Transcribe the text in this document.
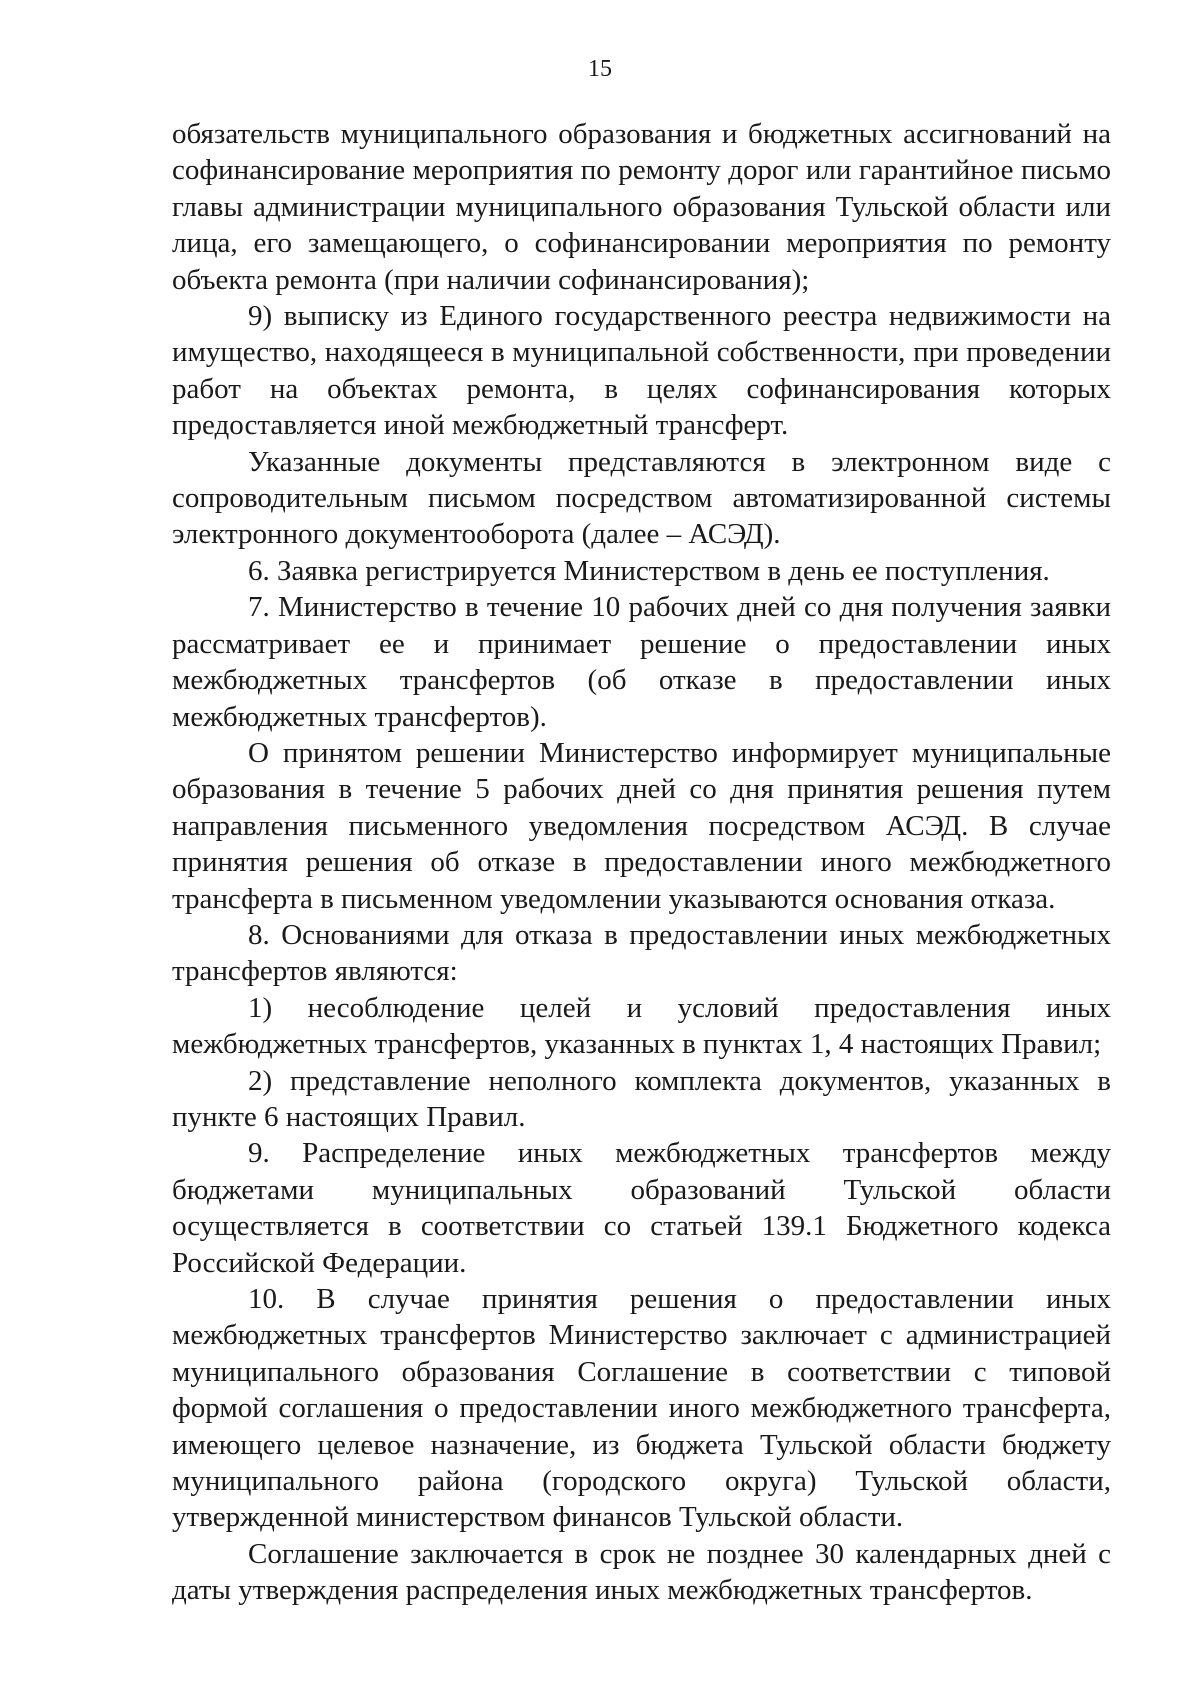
15

обязательств муниципального образования и бюджетных ассигнований на софинансирование мероприятия по ремонту дорог или гарантийное письмо главы администрации муниципального образования Тульской области или лица, его замещающего, о софинансировании мероприятия по ремонту объекта ремонта (при наличии софинансирования);

9) выписку из Единого государственного реестра недвижимости на имущество, находящееся в муниципальной собственности, при проведении работ на объектах ремонта, в целях софинансирования которых предоставляется иной межбюджетный трансферт.

Указанные документы представляются в электронном виде с сопроводительным письмом посредством автоматизированной системы электронного документооборота (далее – АСЭД).

6. Заявка регистрируется Министерством в день ее поступления.

7. Министерство в течение 10 рабочих дней со дня получения заявки рассматривает ее и принимает решение о предоставлении иных межбюджетных трансфертов (об отказе в предоставлении иных межбюджетных трансфертов).

О принятом решении Министерство информирует муниципальные образования в течение 5 рабочих дней со дня принятия решения путем направления письменного уведомления посредством АСЭД. В случае принятия решения об отказе в предоставлении иного межбюджетного трансферта в письменном уведомлении указываются основания отказа.

8. Основаниями для отказа в предоставлении иных межбюджетных трансфертов являются:

1) несоблюдение целей и условий предоставления иных межбюджетных трансфертов, указанных в пунктах 1, 4 настоящих Правил;

2) представление неполного комплекта документов, указанных в пункте 6 настоящих Правил.

9. Распределение иных межбюджетных трансфертов между бюджетами муниципальных образований Тульской области осуществляется в соответствии со статьей 139.1 Бюджетного кодекса Российской Федерации.

10. В случае принятия решения о предоставлении иных межбюджетных трансфертов Министерство заключает с администрацией муниципального образования Соглашение в соответствии с типовой формой соглашения о предоставлении иного межбюджетного трансферта, имеющего целевое назначение, из бюджета Тульской области бюджету муниципального района (городского округа) Тульской области, утвержденной министерством финансов Тульской области.

Соглашение заключается в срок не позднее 30 календарных дней с даты утверждения распределения иных межбюджетных трансфертов.
